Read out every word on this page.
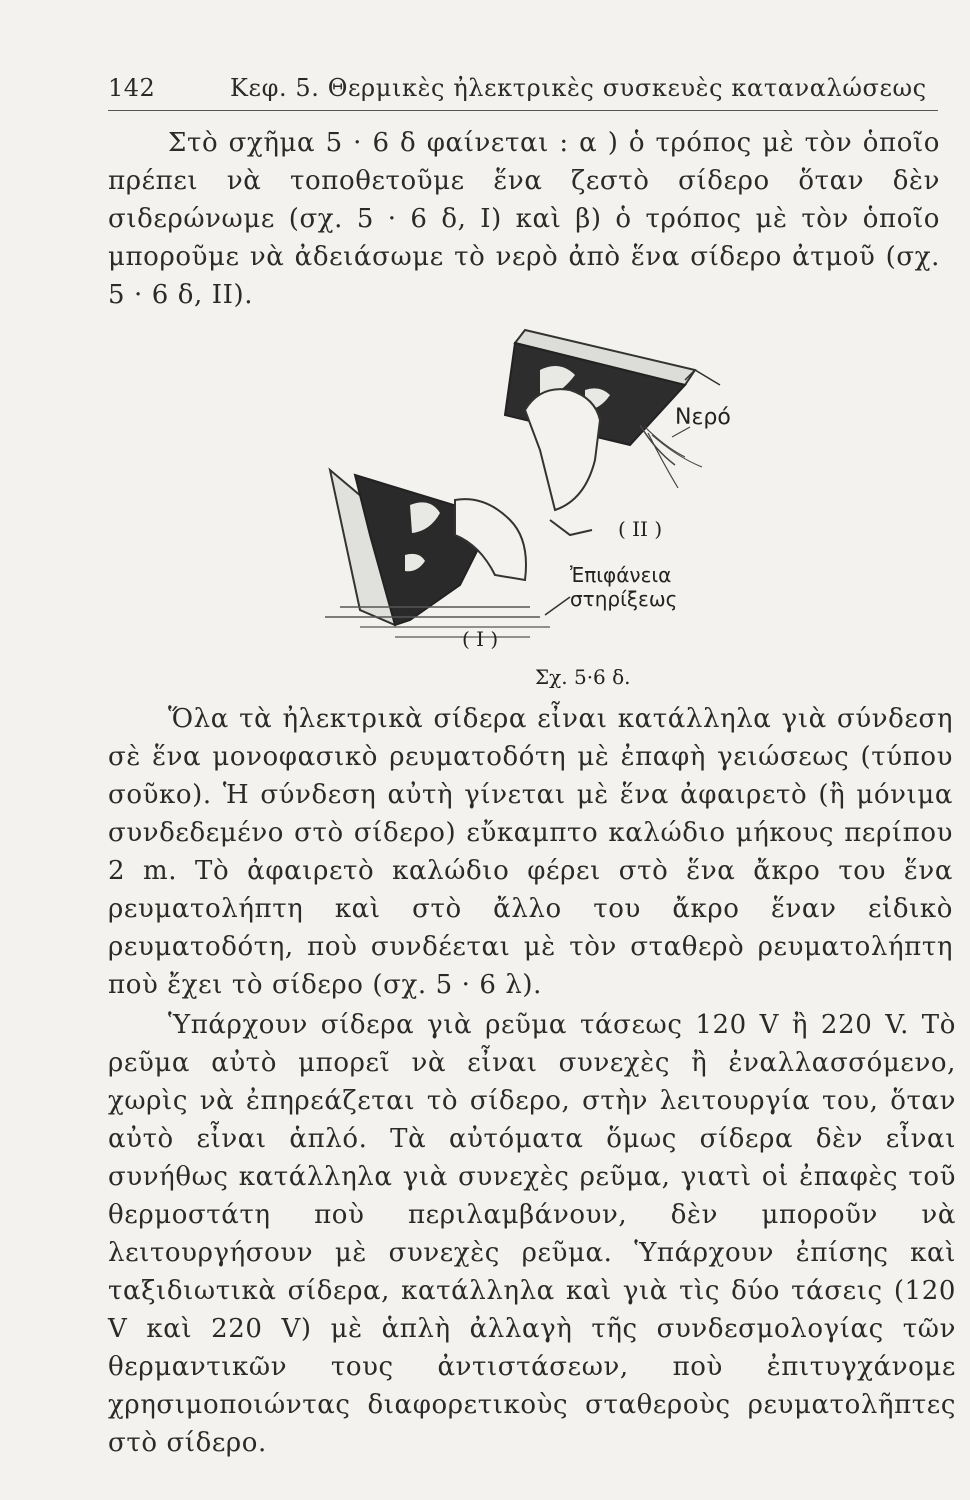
142	Κεφ. 5. Θερμικὲς ἠλεκτρικὲς συσκευὲς καταναλώσεως

Στὸ σχῆμα 5 · 6 δ φαίνεται : α ) ὁ τρόπος μὲ τὸν ὁποῖο πρέπει νὰ τοποθετοῦμε ἕνα ζεστὸ σίδερο ὅταν δὲν σιδερώνωμε (σχ. 5 · 6 δ, I) καὶ β) ὁ τρόπος μὲ τὸν ὁποῖο μποροῦμε νὰ ἀδειάσωμε τὸ νερὸ ἀπὸ ἕνα σίδερο ἀτμοῦ (σχ. 5 · 6 δ, II).

Νερό
( II )
Ἐπιφάνεια
στηρίξεως
( I )
Σχ. 5·6 δ.

Ὅλα τὰ ἠλεκτρικὰ σίδερα εἶναι κατάλληλα γιὰ σύνδεση σὲ ἕνα μονοφασικὸ ρευματοδότη μὲ ἐπαφὴ γειώσεως (τύπου σοῦκο). Ἡ σύνδεση αὐτὴ γίνεται μὲ ἕνα ἀφαιρετὸ (ἢ μόνιμα συνδεδεμένο στὸ σίδερο) εὔκαμπτο καλώδιο μήκους περίπου 2 m. Τὸ ἀφαιρετὸ καλώδιο φέρει στὸ ἕνα ἄκρο του ἕνα ρευματολήπτη καὶ στὸ ἄλλο του ἄκρο ἕναν εἰδικὸ ρευματοδότη, ποὺ συνδέεται μὲ τὸν σταθερὸ ρευματολήπτη ποὺ ἔχει τὸ σίδερο (σχ. 5 · 6 λ).

Ὑπάρχουν σίδερα γιὰ ρεῦμα τάσεως 120 V ἢ 220 V. Τὸ ρεῦμα αὐτὸ μπορεῖ νὰ εἶναι συνεχὲς ἢ ἐναλλασσόμενο, χωρὶς νὰ ἐπηρεάζεται τὸ σίδερο, στὴν λειτουργία του, ὅταν αὐτὸ εἶναι ἁπλό. Τὰ αὐτόματα ὅμως σίδερα δὲν εἶναι συνήθως κατάλληλα γιὰ συνεχὲς ρεῦμα, γιατὶ οἱ ἐπαφὲς τοῦ θερμοστάτη ποὺ περιλαμβάνουν, δὲν μποροῦν νὰ λειτουργήσουν μὲ συνεχὲς ρεῦμα. Ὑπάρχουν ἐπίσης καὶ ταξιδιωτικὰ σίδερα, κατάλληλα καὶ γιὰ τὶς δύο τάσεις (120 V καὶ 220 V) μὲ ἁπλὴ ἀλλαγὴ τῆς συνδεσμολογίας τῶν θερμαντικῶν τους ἀντιστάσεων, ποὺ ἐπιτυγχάνομε χρησιμοποιώντας διαφορετικοὺς σταθεροὺς ρευματολῆπτες στὸ σίδερο.
